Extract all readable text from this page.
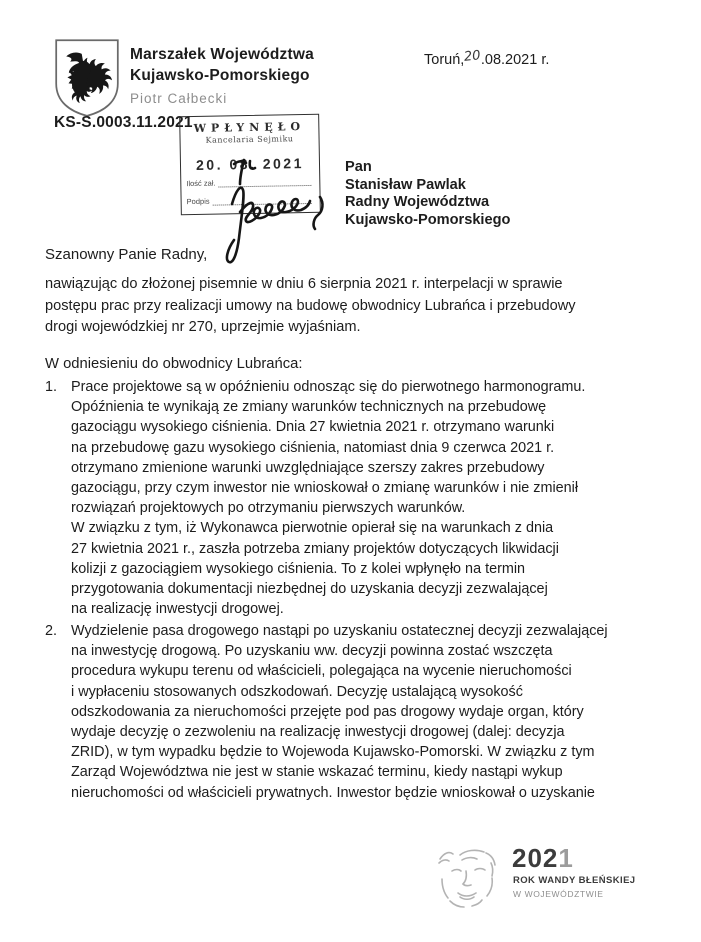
Marszałek Województwa
Kujawsko-Pomorskiego
Piotr Całbecki
Toruń,20.08.2021 r.
KS-S.0003.11.2021 WPŁYNĘŁO
Kancelaria Sejmiku
20. 08. 2021
Ilość zał.
Podpis
Pan
Stanisław Pawlak
Radny Województwa
Kujawsko-Pomorskiego
Szanowny Panie Radny,
nawiązując do złożonej pisemnie w dniu 6 sierpnia 2021 r. interpelacji w sprawie
postępu prac przy realizacji umowy na budowę obwodnicy Lubrańca i przebudowy
drogi wojewódzkiej nr 270, uprzejmie wyjaśniam.
W odniesieniu do obwodnicy Lubrańca:
1. Prace projektowe są w opóźnieniu odnosząc się do pierwotnego harmonogramu.
Opóźnienia te wynikają ze zmiany warunków technicznych na przebudowę
gazociągu wysokiego ciśnienia. Dnia 27 kwietnia 2021 r. otrzymano warunki
na przebudowę gazu wysokiego ciśnienia, natomiast dnia 9 czerwca 2021 r.
otrzymano zmienione warunki uwzględniające szerszy zakres przebudowy
gazociągu, przy czym inwestor nie wnioskował o zmianę warunków i nie zmienił
rozwiązań projektowych po otrzymaniu pierwszych warunków.
W związku z tym, iż Wykonawca pierwotnie opierał się na warunkach z dnia
27 kwietnia 2021 r., zaszła potrzeba zmiany projektów dotyczących likwidacji
kolizji z gazociągiem wysokiego ciśnienia. To z kolei wpłynęło na termin
przygotowania dokumentacji niezbędnej do uzyskania decyzji zezwalającej
na realizację inwestycji drogowej.
2. Wydzielenie pasa drogowego nastąpi po uzyskaniu ostatecznej decyzji zezwalającej
na inwestycję drogową. Po uzyskaniu ww. decyzji powinna zostać wszczęta
procedura wykupu terenu od właścicieli, polegająca na wycenie nieruchomości
i wypłaceniu stosowanych odszkodowań. Decyzję ustalającą wysokość
odszkodowania za nieruchomości przejęte pod pas drogowy wydaje organ, który
wydaje decyzję o zezwoleniu na realizację inwestycji drogowej (dalej: decyzja
ZRID), w tym wypadku będzie to Wojewoda Kujawsko-Pomorski. W związku z tym
Zarząd Województwa nie jest w stanie wskazać terminu, kiedy nastąpi wykup
nieruchomości od właścicieli prywatnych. Inwestor będzie wnioskował o uzyskanie
2021
ROK WANDY BŁEŃSKIEJ
W WOJEWÓDZTWIE
